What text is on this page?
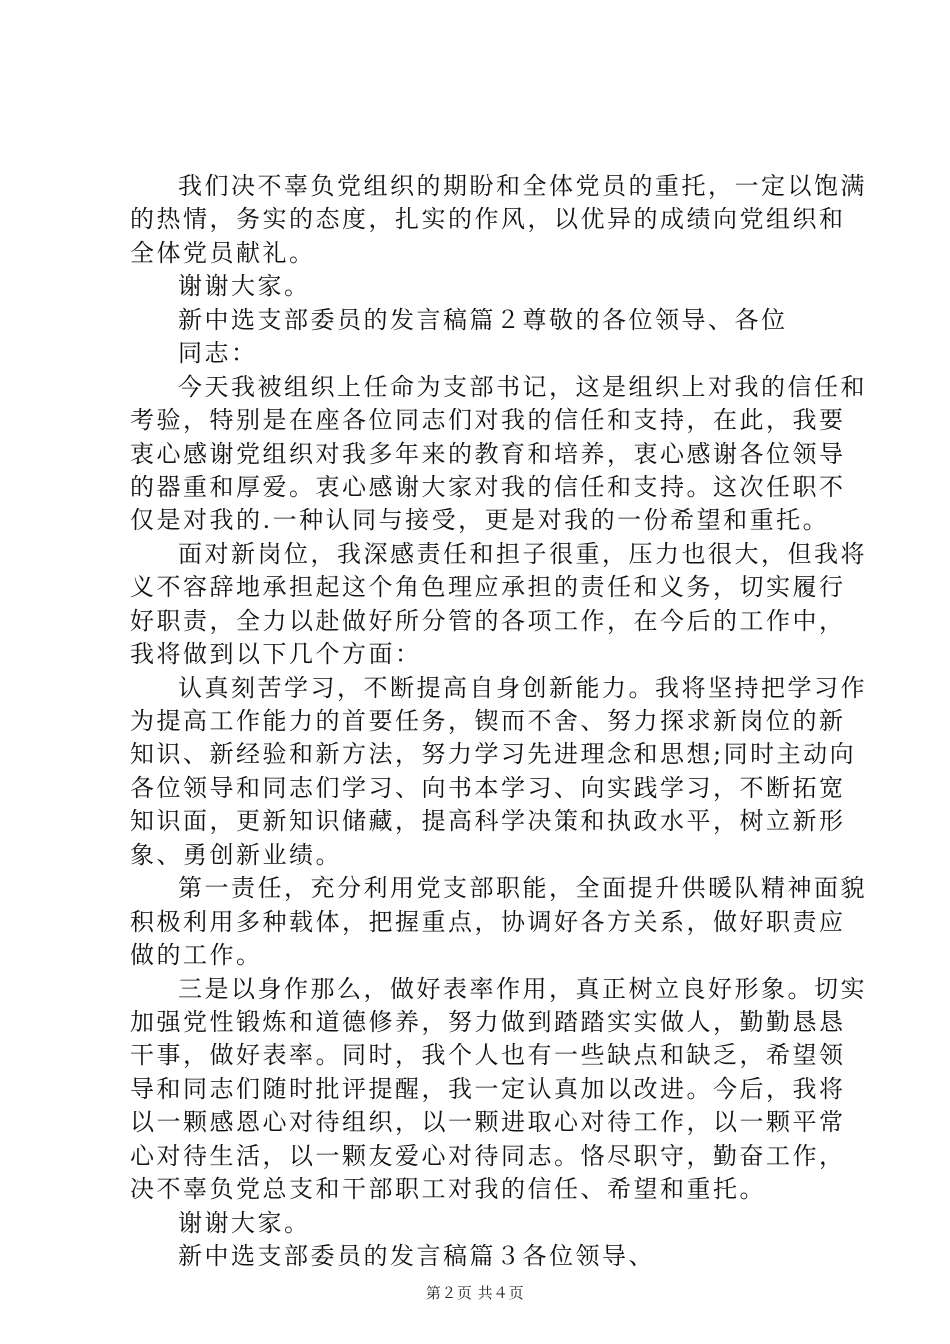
我们决不辜负党组织的期盼和全体党员的重托，一定以饱满
的热情，务实的态度，扎实的作风，以优异的成绩向党组织和
全体党员献礼。
谢谢大家。
新中选支部委员的发言稿篇２尊敬的各位领导、各位
同志：
今天我被组织上任命为支部书记，这是组织上对我的信任和
考验，特别是在座各位同志们对我的信任和支持，在此，我要
衷心感谢党组织对我多年来的教育和培养，衷心感谢各位领导
的器重和厚爱。衷心感谢大家对我的信任和支持。这次任职不
仅是对我的.一种认同与接受，更是对我的一份希望和重托。
面对新岗位，我深感责任和担子很重，压力也很大，但我将
义不容辞地承担起这个角色理应承担的责任和义务，切实履行
好职责，全力以赴做好所分管的各项工作，在今后的工作中，
我将做到以下几个方面：
认真刻苦学习，不断提高自身创新能力。我将坚持把学习作
为提高工作能力的首要任务，锲而不舍、努力探求新岗位的新
知识、新经验和新方法，努力学习先进理念和思想;同时主动向
各位领导和同志们学习、向书本学习、向实践学习，不断拓宽
知识面，更新知识储藏，提高科学决策和执政水平，树立新形
象、勇创新业绩。
第一责任，充分利用党支部职能，全面提升供暖队精神面貌
积极利用多种载体，把握重点，协调好各方关系，做好职责应
做的工作。
三是以身作那么，做好表率作用，真正树立良好形象。切实
加强党性锻炼和道德修养，努力做到踏踏实实做人，勤勤恳恳
干事，做好表率。同时，我个人也有一些缺点和缺乏，希望领
导和同志们随时批评提醒，我一定认真加以改进。今后，我将
以一颗感恩心对待组织，以一颗进取心对待工作，以一颗平常
心对待生活，以一颗友爱心对待同志。恪尽职守，勤奋工作，
决不辜负党总支和干部职工对我的信任、希望和重托。
谢谢大家。
新中选支部委员的发言稿篇３各位领导、
第２页 共４页
